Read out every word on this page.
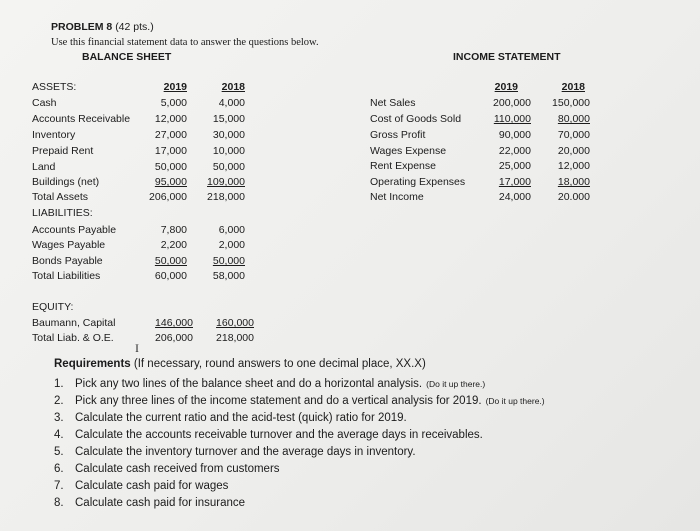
PROBLEM 8 (42 pts.)
Use this financial statement data to answer the questions below.
BALANCE SHEET	INCOME STATEMENT
ASSETS:	2019	2018
Cash	5,000	4,000
Accounts Receivable	12,000	15,000
Inventory	27,000	30,000
Prepaid Rent	17,000	10,000
Land	50,000	50,000
Buildings (net)	95,000	109,000
Total Assets	206,000	218,000
LIABILITIES:
Accounts Payable	7,800	6,000
Wages Payable	2,200	2,000
Bonds Payable	50,000	50,000
Total Liabilities	60,000	58,000
EQUITY:
Baumann, Capital	146,000	160,000
Total Liab. & O.E.	206,000	218,000
I
2019	2018
Net Sales	200,000	150,000
Cost of Goods Sold	110,000	80,000
Gross Profit	90,000	70,000
Wages Expense	22,000	20,000
Rent Expense	25,000	12,000
Operating Expenses	17,000	18,000
Net Income	24,000	20.000
Requirements (If necessary, round answers to one decimal place, XX.X)
1. Pick any two lines of the balance sheet and do a horizontal analysis. (Do it up there.)
2. Pick any three lines of the income statement and do a vertical analysis for 2019. (Do it up there.)
3. Calculate the current ratio and the acid-test (quick) ratio for 2019.
4. Calculate the accounts receivable turnover and the average days in receivables.
5. Calculate the inventory turnover and the average days in inventory.
6. Calculate cash received from customers
7. Calculate cash paid for wages
8. Calculate cash paid for insurance
